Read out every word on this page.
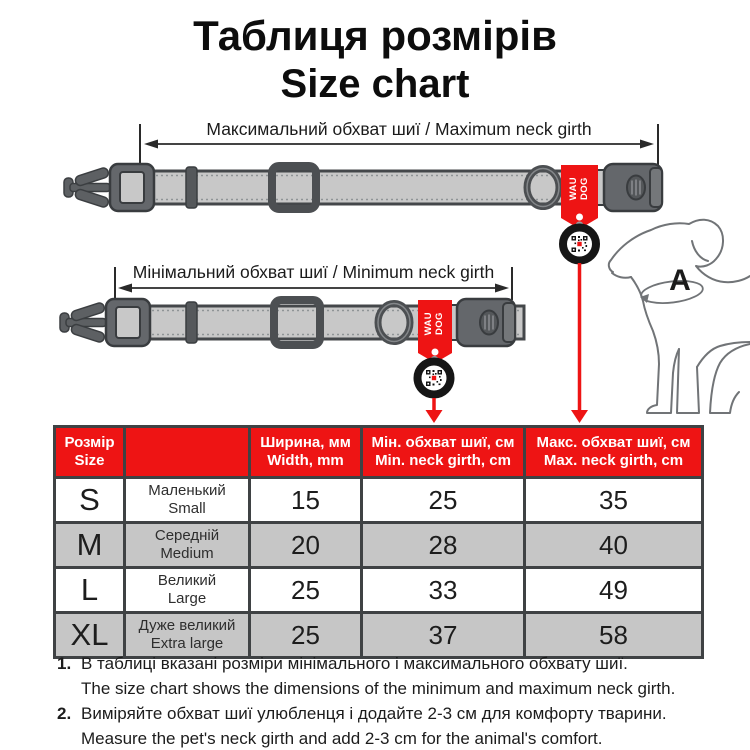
Таблиця розмірів
Size chart
Максимальний обхват шиї / Maximum neck girth
Мінімальний обхват шиї / Minimum neck girth	A
WAU DOG
WAU DOG
Розмір
Size		Ширина, мм
Width, mm	Мін. обхват шиї, см
Min. neck girth, cm	Макс. обхват шиї, см
Max. neck girth, cm
S	Маленький
Small	15	25	35
M	Середній
Medium	20	28	40
L	Великий
Large	25	33	49
XL	Дуже великий
Extra large	25	37	58
1. В таблиці вказані розміри мінімального і максимального обхвату шиї.
The size chart shows the dimensions of the minimum and maximum neck girth.
2. Виміряйте обхват шиї улюбленця і додайте 2-3 см для комфорту тварини.
Measure the pet's neck girth and add 2-3 cm for the animal's comfort.
